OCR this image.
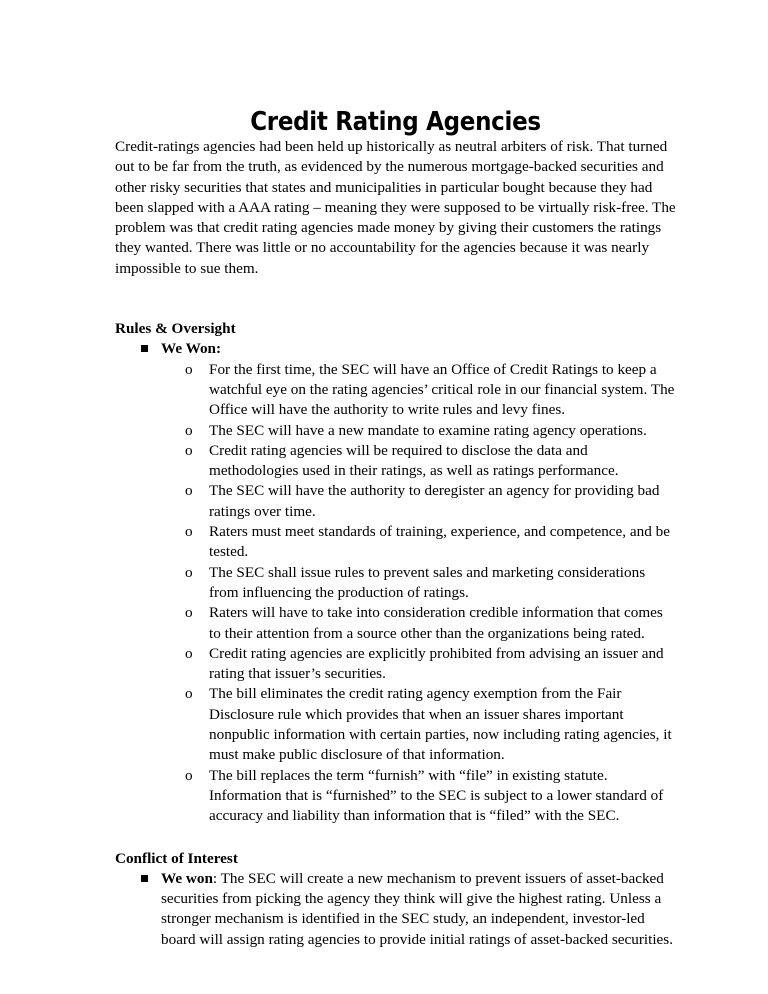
Credit Rating Agencies

Credit-ratings agencies had been held up historically as neutral arbiters of risk. That turned out to be far from the truth, as evidenced by the numerous mortgage-backed securities and other risky securities that states and municipalities in particular bought because they had been slapped with a AAA rating – meaning they were supposed to be virtually risk-free. The problem was that credit rating agencies made money by giving their customers the ratings they wanted. There was little or no accountability for the agencies because it was nearly impossible to sue them.

Rules & Oversight
We Won:
o For the first time, the SEC will have an Office of Credit Ratings to keep a watchful eye on the rating agencies’ critical role in our financial system. The Office will have the authority to write rules and levy fines.
o The SEC will have a new mandate to examine rating agency operations.
o Credit rating agencies will be required to disclose the data and methodologies used in their ratings, as well as ratings performance.
o The SEC will have the authority to deregister an agency for providing bad ratings over time.
o Raters must meet standards of training, experience, and competence, and be tested.
o The SEC shall issue rules to prevent sales and marketing considerations from influencing the production of ratings.
o Raters will have to take into consideration credible information that comes to their attention from a source other than the organizations being rated.
o Credit rating agencies are explicitly prohibited from advising an issuer and rating that issuer’s securities.
o The bill eliminates the credit rating agency exemption from the Fair Disclosure rule which provides that when an issuer shares important nonpublic information with certain parties, now including rating agencies, it must make public disclosure of that information.
o The bill replaces the term “furnish” with “file” in existing statute. Information that is “furnished” to the SEC is subject to a lower standard of accuracy and liability than information that is “filed” with the SEC.
Conflict of Interest
We won: The SEC will create a new mechanism to prevent issuers of asset-backed securities from picking the agency they think will give the highest rating. Unless a stronger mechanism is identified in the SEC study, an independent, investor-led board will assign rating agencies to provide initial ratings of asset-backed securities.
